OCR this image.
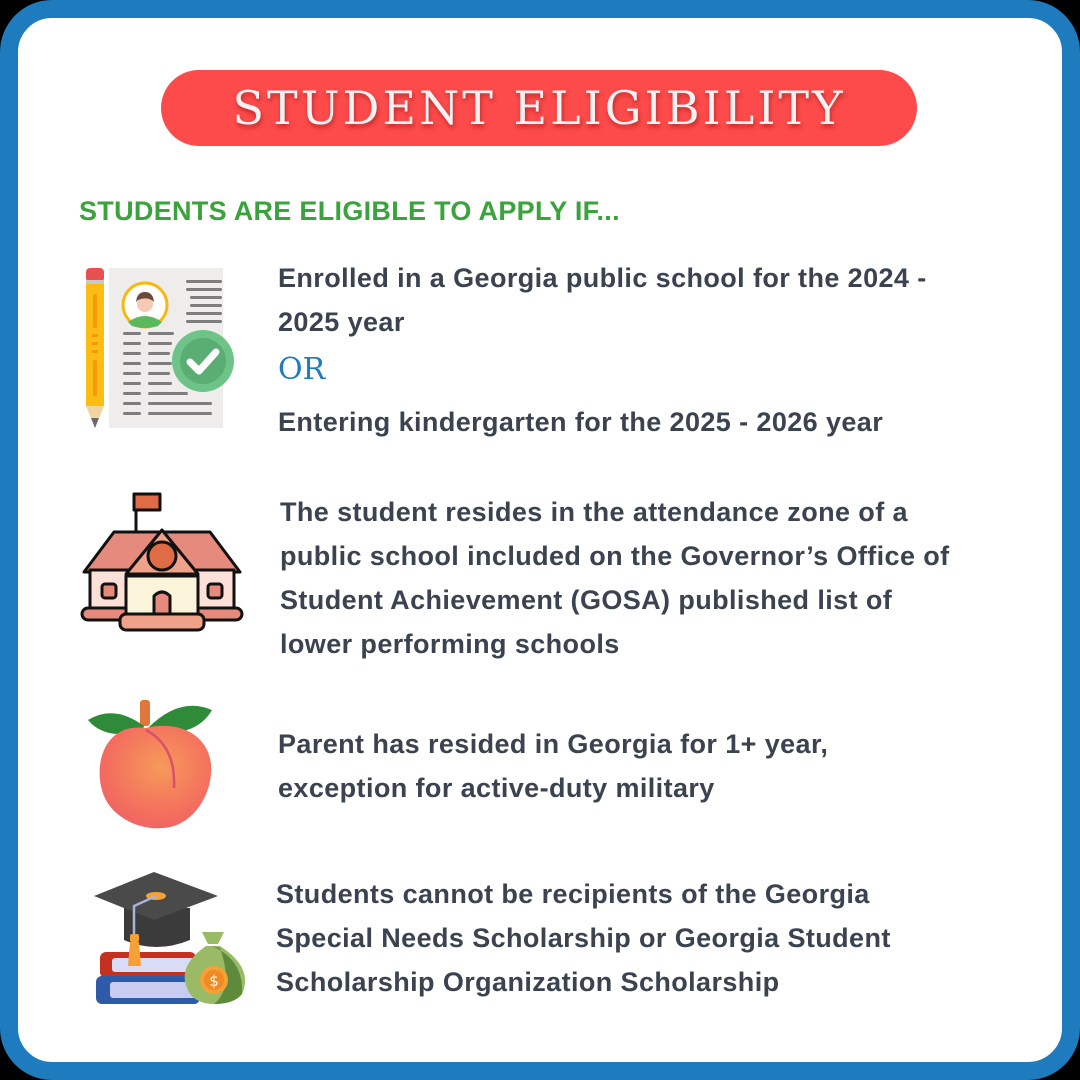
STUDENT ELIGIBILITY
STUDENTS ARE ELIGIBLE TO APPLY IF...
Enrolled in a Georgia public school for the 2024 -
2025 year
OR
Entering kindergarten for the 2025 - 2026 year
The student resides in the attendance zone of a
public school included on the Governor’s Office of
Student Achievement (GOSA) published list of
lower performing schools
Parent has resided in Georgia for 1+ year,
exception for active-duty military
$
Students cannot be recipients of the Georgia
Special Needs Scholarship or Georgia Student
Scholarship Organization Scholarship
